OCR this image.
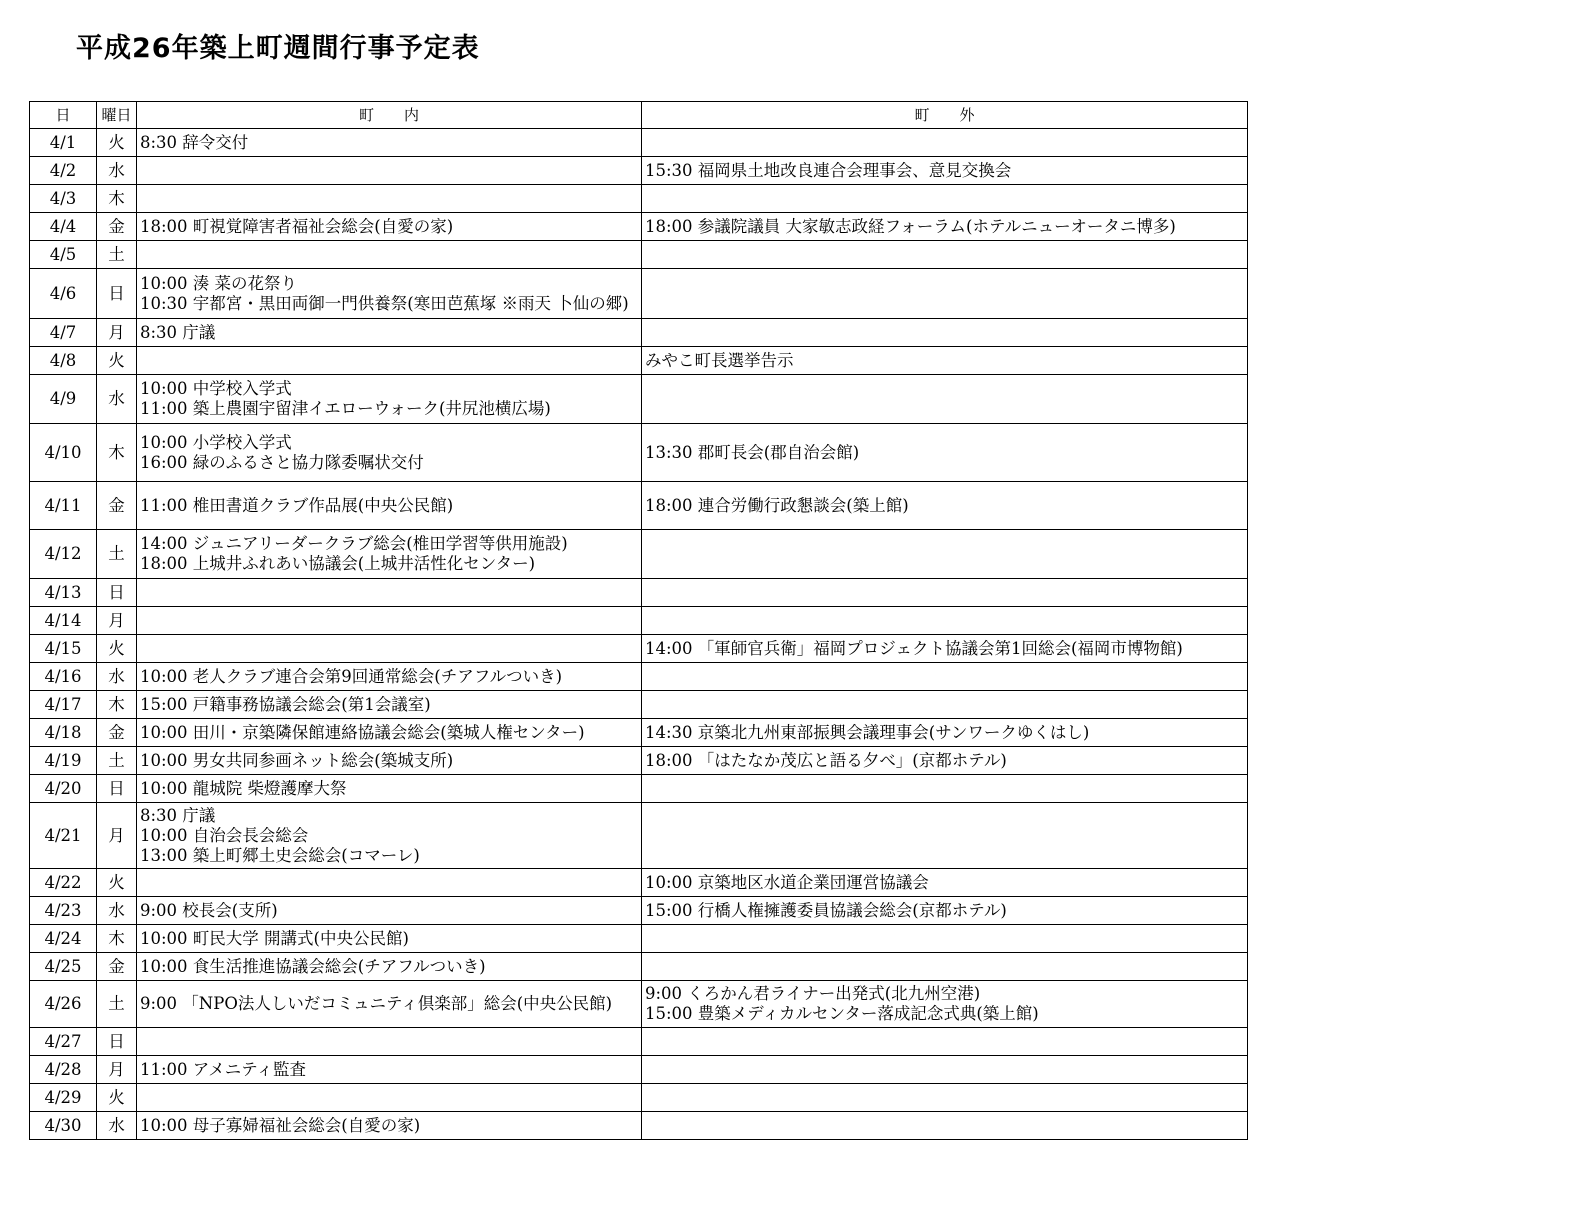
平成26年築上町週間行事予定表
日	曜日	町 内	町 外
4/1	火	8:30 辞令交付	
4/2	水		15:30 福岡県土地改良連合会理事会、意見交換会
4/3	木		
4/4	金	18:00 町視覚障害者福祉会総会(自愛の家)	18:00 参議院議員 大家敏志政経フォーラム(ホテルニューオータニ博多)
4/5	土		
4/6	日	10:00 湊 菜の花祭り
10:30 宇都宮・黒田両御一門供養祭(寒田芭蕉塚 ※雨天 卜仙の郷)	
4/7	月	8:30 庁議	
4/8	火		みやこ町長選挙告示
4/9	水	10:00 中学校入学式
11:00 築上農園宇留津イエローウォーク(井尻池横広場)	
4/10	木	10:00 小学校入学式
16:00 緑のふるさと協力隊委嘱状交付	13:30 郡町長会(郡自治会館)
4/11	金	11:00 椎田書道クラブ作品展(中央公民館)	18:00 連合労働行政懇談会(築上館)
4/12	土	14:00 ジュニアリーダークラブ総会(椎田学習等供用施設)
18:00 上城井ふれあい協議会(上城井活性化センター)	
4/13	日		
4/14	月		
4/15	火		14:00 「軍師官兵衛」福岡プロジェクト協議会第1回総会(福岡市博物館)
4/16	水	10:00 老人クラブ連合会第9回通常総会(チアフルついき)	
4/17	木	15:00 戸籍事務協議会総会(第1会議室)	
4/18	金	10:00 田川・京築隣保館連絡協議会総会(築城人権センター)	14:30 京築北九州東部振興会議理事会(サンワークゆくはし)
4/19	土	10:00 男女共同参画ネット総会(築城支所)	18:00 「はたなか茂広と語る夕べ」(京都ホテル)
4/20	日	10:00 龍城院 柴燈護摩大祭	
4/21	月	8:30 庁議
10:00 自治会長会総会
13:00 築上町郷土史会総会(コマーレ)	
4/22	火		10:00 京築地区水道企業団運営協議会
4/23	水	9:00 校長会(支所)	15:00 行橋人権擁護委員協議会総会(京都ホテル)
4/24	木	10:00 町民大学 開講式(中央公民館)	
4/25	金	10:00 食生活推進協議会総会(チアフルついき)	
4/26	土	9:00 「NPO法人しいだコミュニティ倶楽部」総会(中央公民館)	9:00 くろかん君ライナー出発式(北九州空港)
15:00 豊築メディカルセンター落成記念式典(築上館)
4/27	日		
4/28	月	11:00 アメニティ監査	
4/29	火		
4/30	水	10:00 母子寡婦福祉会総会(自愛の家)	
